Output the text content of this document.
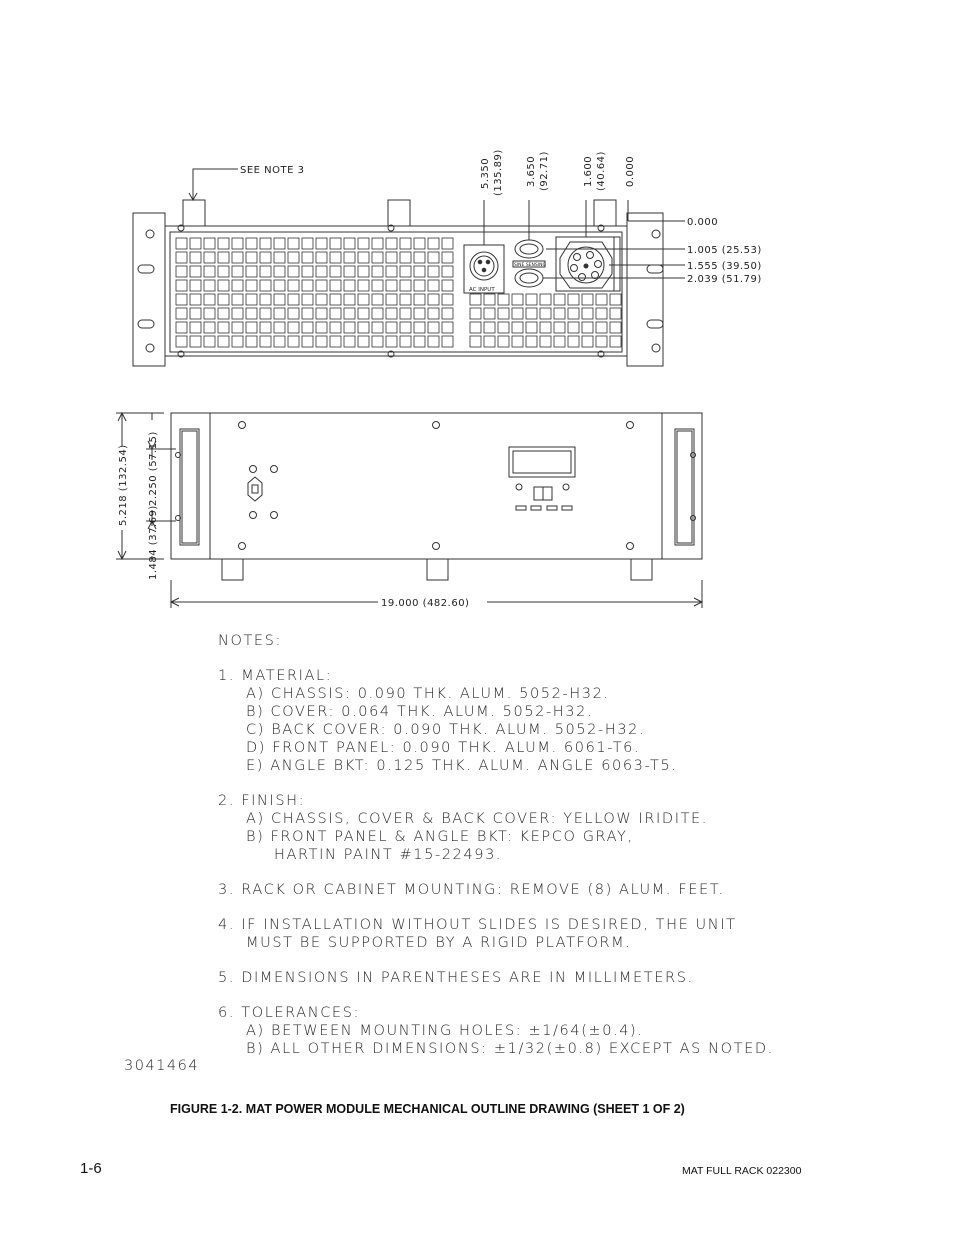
SEE NOTE 3
AC INPUT
SINE SENSING
5.350 (135.89) 3.650 (92.71)	1.600 (40.64) 0.000
0.000
1.005 (25.53)
1.555 (39.50)
2.039 (51.79)
5.218 (132.54) 2.250 (57.15)
1.484 (37.69)
19.000 (482.60)
NOTES:
1. MATERIAL:
A) CHASSIS: 0.090 THK. ALUM. 5052-H32.
B) COVER: 0.064 THK. ALUM. 5052-H32.
C) BACK COVER: 0.090 THK. ALUM. 5052-H32.
D) FRONT PANEL: 0.090 THK. ALUM. 6061-T6.
E) ANGLE BKT: 0.125 THK. ALUM. ANGLE 6063-T5.
2. FINISH:
A) CHASSIS, COVER & BACK COVER: YELLOW IRIDITE.
B) FRONT PANEL & ANGLE BKT: KEPCO GRAY,
HARTIN PAINT #15-22493.
3. RACK OR CABINET MOUNTING: REMOVE (8) ALUM. FEET.
4. IF INSTALLATION WITHOUT SLIDES IS DESIRED, THE UNIT
MUST BE SUPPORTED BY A RIGID PLATFORM.
5. DIMENSIONS IN PARENTHESES ARE IN MILLIMETERS.
6. TOLERANCES:
A) BETWEEN MOUNTING HOLES: ±1/64(±0.4).
B) ALL OTHER DIMENSIONS: ±1/32(±0.8) EXCEPT AS NOTED.
3041464
FIGURE 1-2. MAT POWER MODULE MECHANICAL OUTLINE DRAWING (SHEET 1 OF 2)
1-6	MAT FULL RACK 022300
